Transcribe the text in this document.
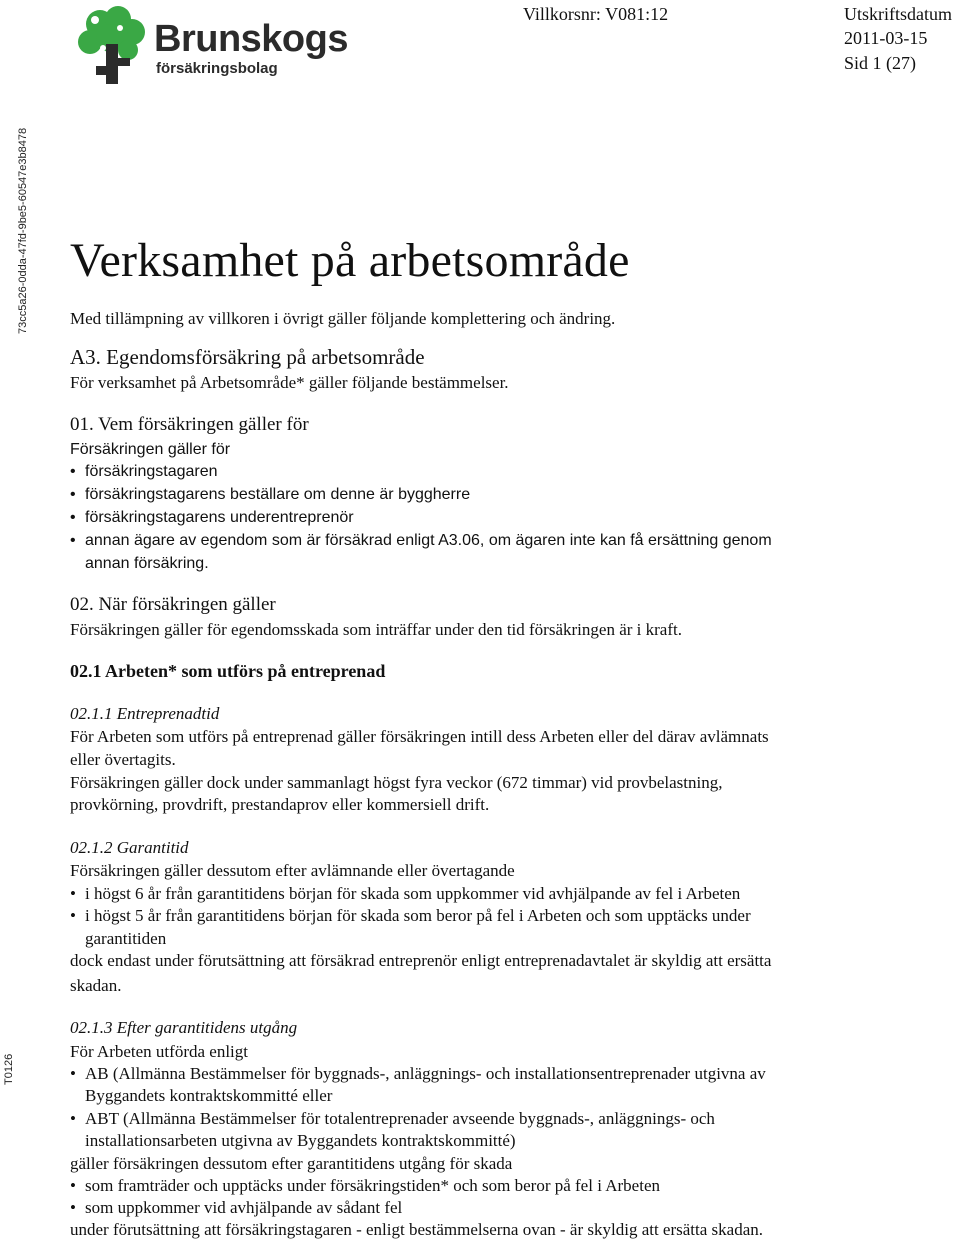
Brunskogs
försäkringsbolag
Villkorsnr: V081:12	Utskriftsdatum
2011-03-15
Sid 1 (27)
73cc5a26-0dda-47fd-9be5-60547e3b8478
T0126
Verksamhet på arbetsområde
Med tillämpning av villkoren i övrigt gäller följande komplettering och ändring.
A3. Egendomsförsäkring på arbetsområde
För verksamhet på Arbetsområde* gäller följande bestämmelser.
01. Vem försäkringen gäller för
Försäkringen gäller för
• försäkringstagaren
• försäkringstagarens beställare om denne är byggherre
• försäkringstagarens underentreprenör
• annan ägare av egendom som är försäkrad enligt A3.06, om ägaren inte kan få ersättning genom
annan försäkring.
02. När försäkringen gäller
Försäkringen gäller för egendomsskada som inträffar under den tid försäkringen är i kraft.
02.1 Arbeten* som utförs på entreprenad
02.1.1 Entreprenadtid
För Arbeten som utförs på entreprenad gäller försäkringen intill dess Arbeten eller del därav avlämnats
eller övertagits.
Försäkringen gäller dock under sammanlagt högst fyra veckor (672 timmar) vid provbelastning,
provkörning, provdrift, prestandaprov eller kommersiell drift.
02.1.2 Garantitid
Försäkringen gäller dessutom efter avlämnande eller övertagande
• i högst 6 år från garantitidens början för skada som uppkommer vid avhjälpande av fel i Arbeten
• i högst 5 år från garantitidens början för skada som beror på fel i Arbeten och som upptäcks under
garantitiden
dock endast under förutsättning att försäkrad entreprenör enligt entreprenadavtalet är skyldig att ersätta
skadan.
02.1.3 Efter garantitidens utgång
För Arbeten utförda enligt
• AB (Allmänna Bestämmelser för byggnads-, anläggnings- och installationsentreprenader utgivna av
Byggandets kontraktskommitté eller
• ABT (Allmänna Bestämmelser för totalentreprenader avseende byggnads-, anläggnings- och
installationsarbeten utgivna av Byggandets kontraktskommitté)
gäller försäkringen dessutom efter garantitidens utgång för skada
• som framträder och upptäcks under försäkringstiden* och som beror på fel i Arbeten
• som uppkommer vid avhjälpande av sådant fel
under förutsättning att försäkringstagaren - enligt bestämmelserna ovan - är skyldig att ersätta skadan.
